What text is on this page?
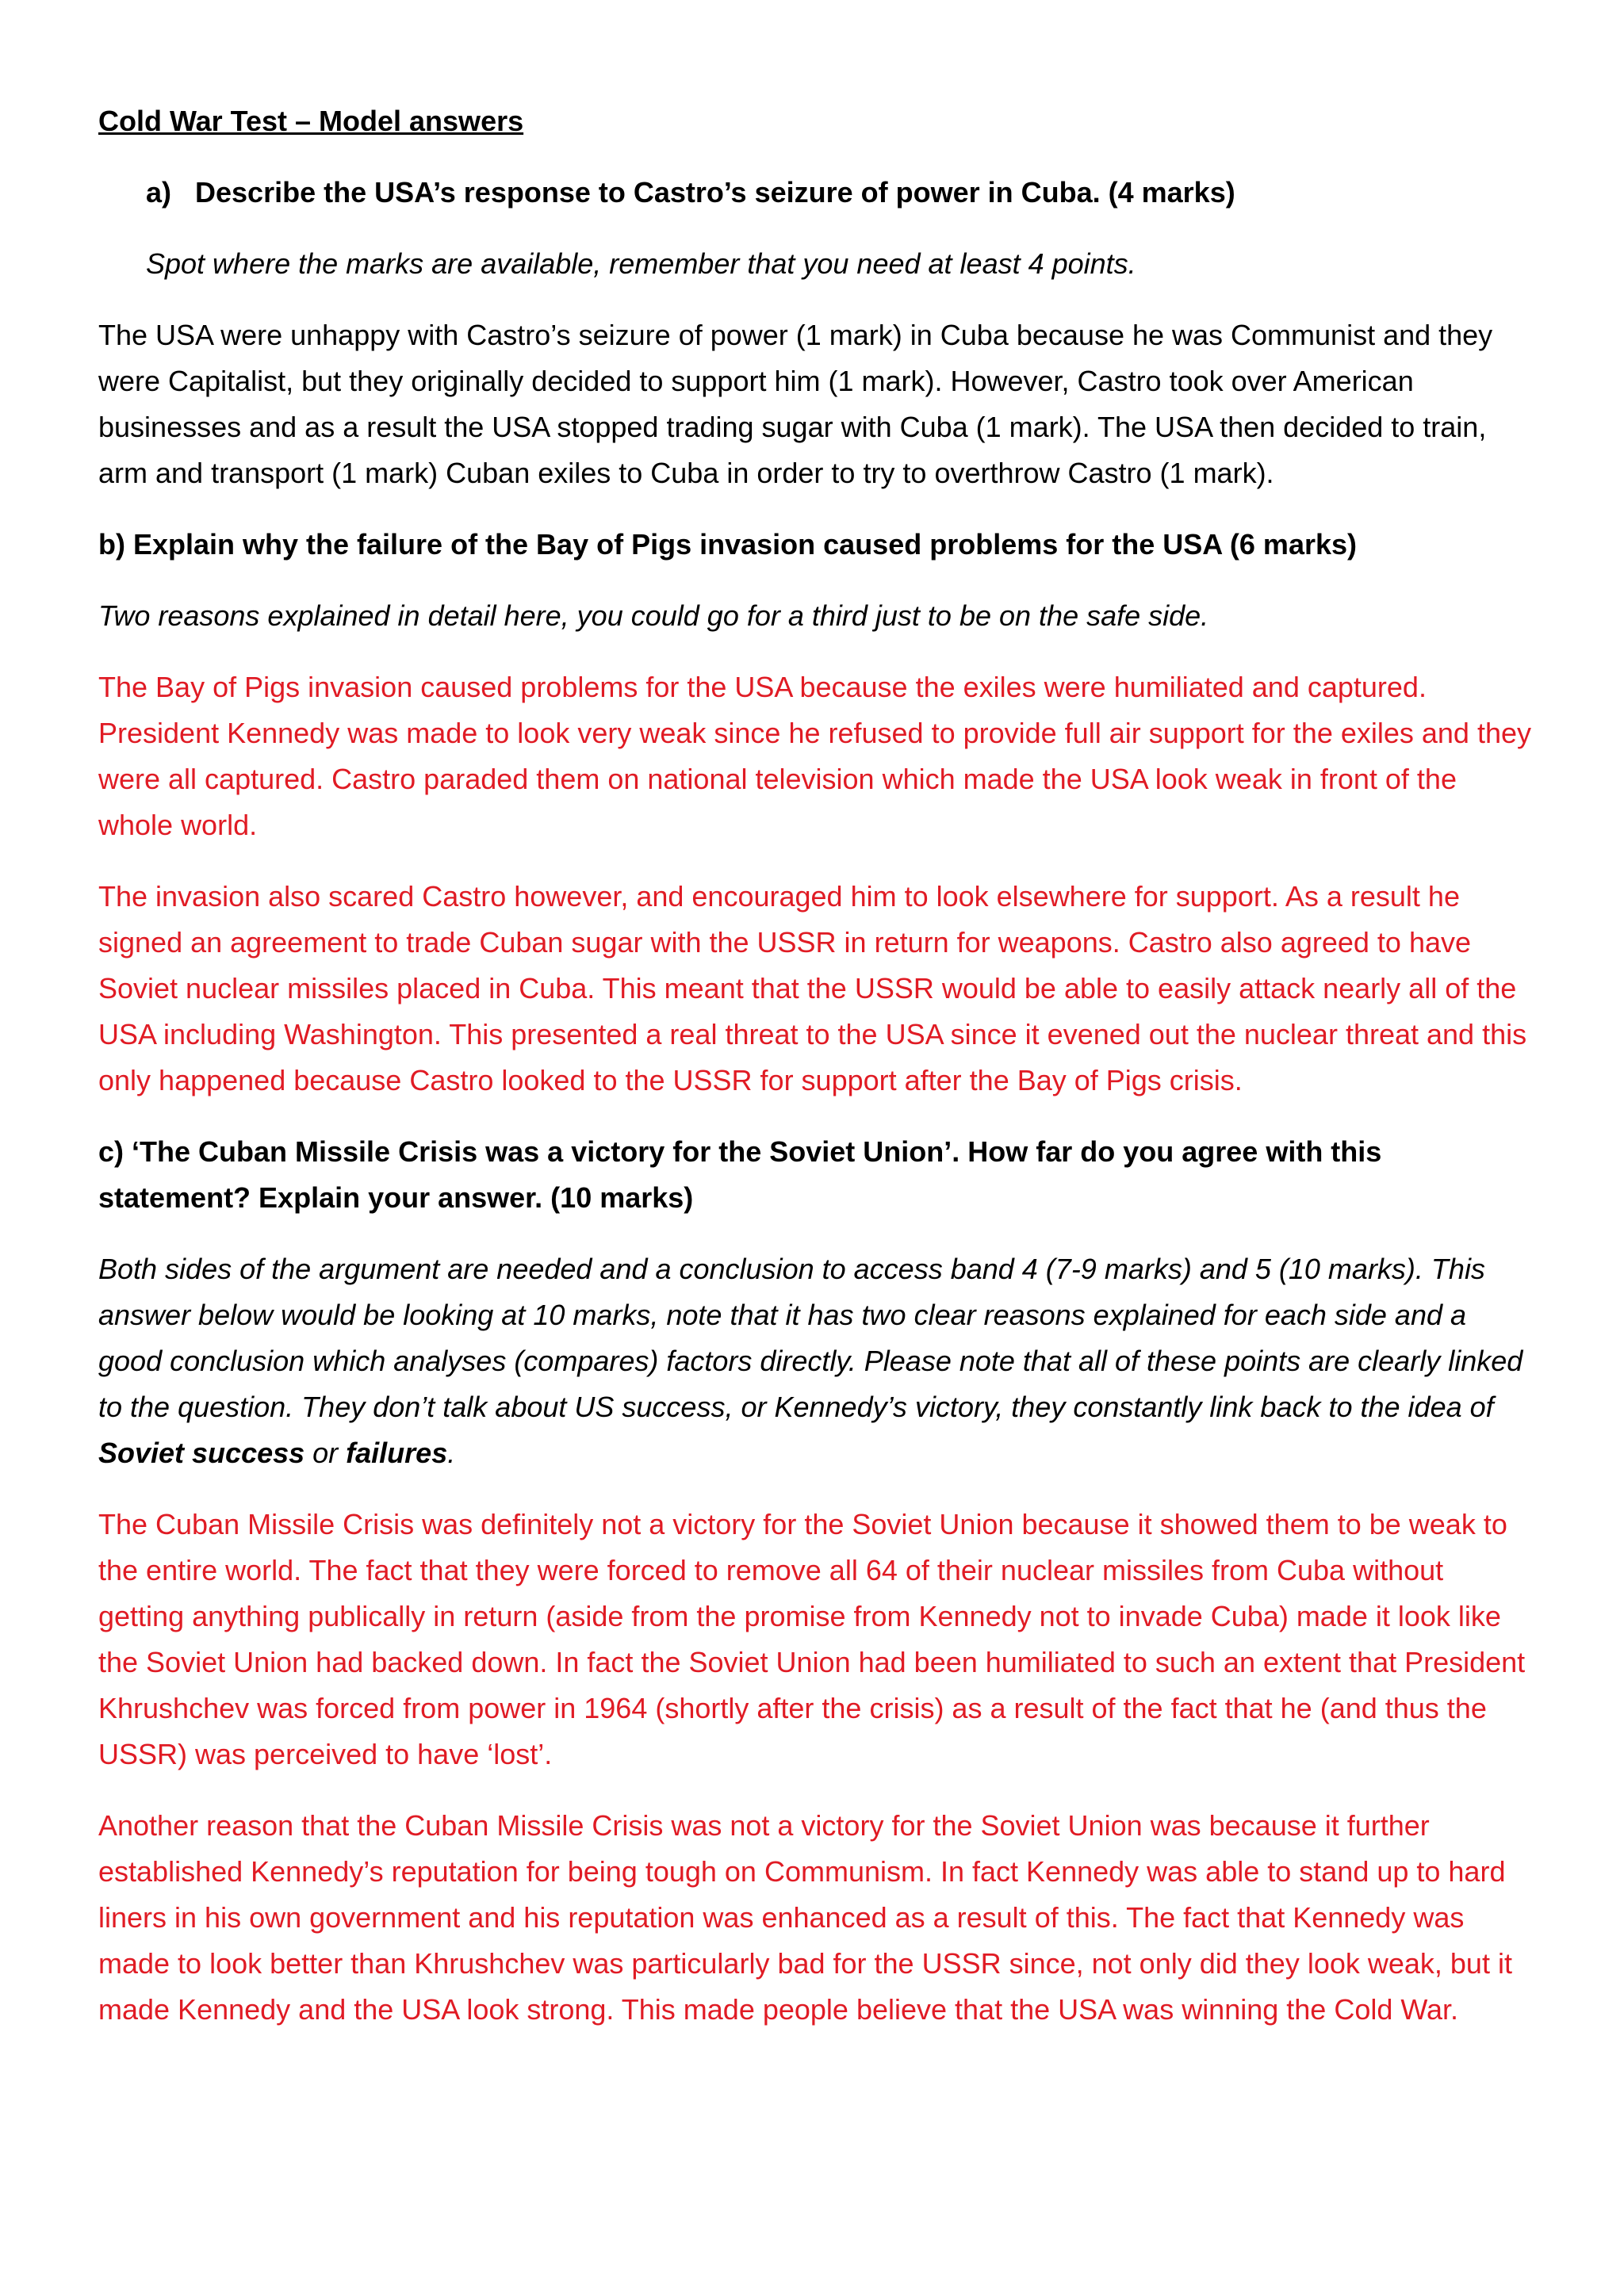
Cold War Test – Model answers

a) Describe the USA’s response to Castro’s seizure of power in Cuba. (4 marks)

Spot where the marks are available, remember that you need at least 4 points.

The USA were unhappy with Castro’s seizure of power (1 mark) in Cuba because he was Communist and they were Capitalist, but they originally decided to support him (1 mark). However, Castro took over American businesses and as a result the USA stopped trading sugar with Cuba (1 mark). The USA then decided to train, arm and transport (1 mark) Cuban exiles to Cuba in order to try to overthrow Castro (1 mark).

b) Explain why the failure of the Bay of Pigs invasion caused problems for the USA (6 marks)

Two reasons explained in detail here, you could go for a third just to be on the safe side.

The Bay of Pigs invasion caused problems for the USA because the exiles were humiliated and captured. President Kennedy was made to look very weak since he refused to provide full air support for the exiles and they were all captured. Castro paraded them on national television which made the USA look weak in front of the whole world.

The invasion also scared Castro however, and encouraged him to look elsewhere for support. As a result he signed an agreement to trade Cuban sugar with the USSR in return for weapons. Castro also agreed to have Soviet nuclear missiles placed in Cuba. This meant that the USSR would be able to easily attack nearly all of the USA including Washington. This presented a real threat to the USA since it evened out the nuclear threat and this only happened because Castro looked to the USSR for support after the Bay of Pigs crisis.

c) ‘The Cuban Missile Crisis was a victory for the Soviet Union’. How far do you agree with this statement? Explain your answer. (10 marks)

Both sides of the argument are needed and a conclusion to access band 4 (7-9 marks) and 5 (10 marks). This answer below would be looking at 10 marks, note that it has two clear reasons explained for each side and a good conclusion which analyses (compares) factors directly. Please note that all of these points are clearly linked to the question. They don’t talk about US success, or Kennedy’s victory, they constantly link back to the idea of Soviet success or failures.

The Cuban Missile Crisis was definitely not a victory for the Soviet Union because it showed them to be weak to the entire world. The fact that they were forced to remove all 64 of their nuclear missiles from Cuba without getting anything publically in return (aside from the promise from Kennedy not to invade Cuba) made it look like the Soviet Union had backed down. In fact the Soviet Union had been humiliated to such an extent that President Khrushchev was forced from power in 1964 (shortly after the crisis) as a result of the fact that he (and thus the USSR) was perceived to have ‘lost’.

Another reason that the Cuban Missile Crisis was not a victory for the Soviet Union was because it further established Kennedy’s reputation for being tough on Communism. In fact Kennedy was able to stand up to hard liners in his own government and his reputation was enhanced as a result of this. The fact that Kennedy was made to look better than Khrushchev was particularly bad for the USSR since, not only did they look weak, but it made Kennedy and the USA look strong. This made people believe that the USA was winning the Cold War.
